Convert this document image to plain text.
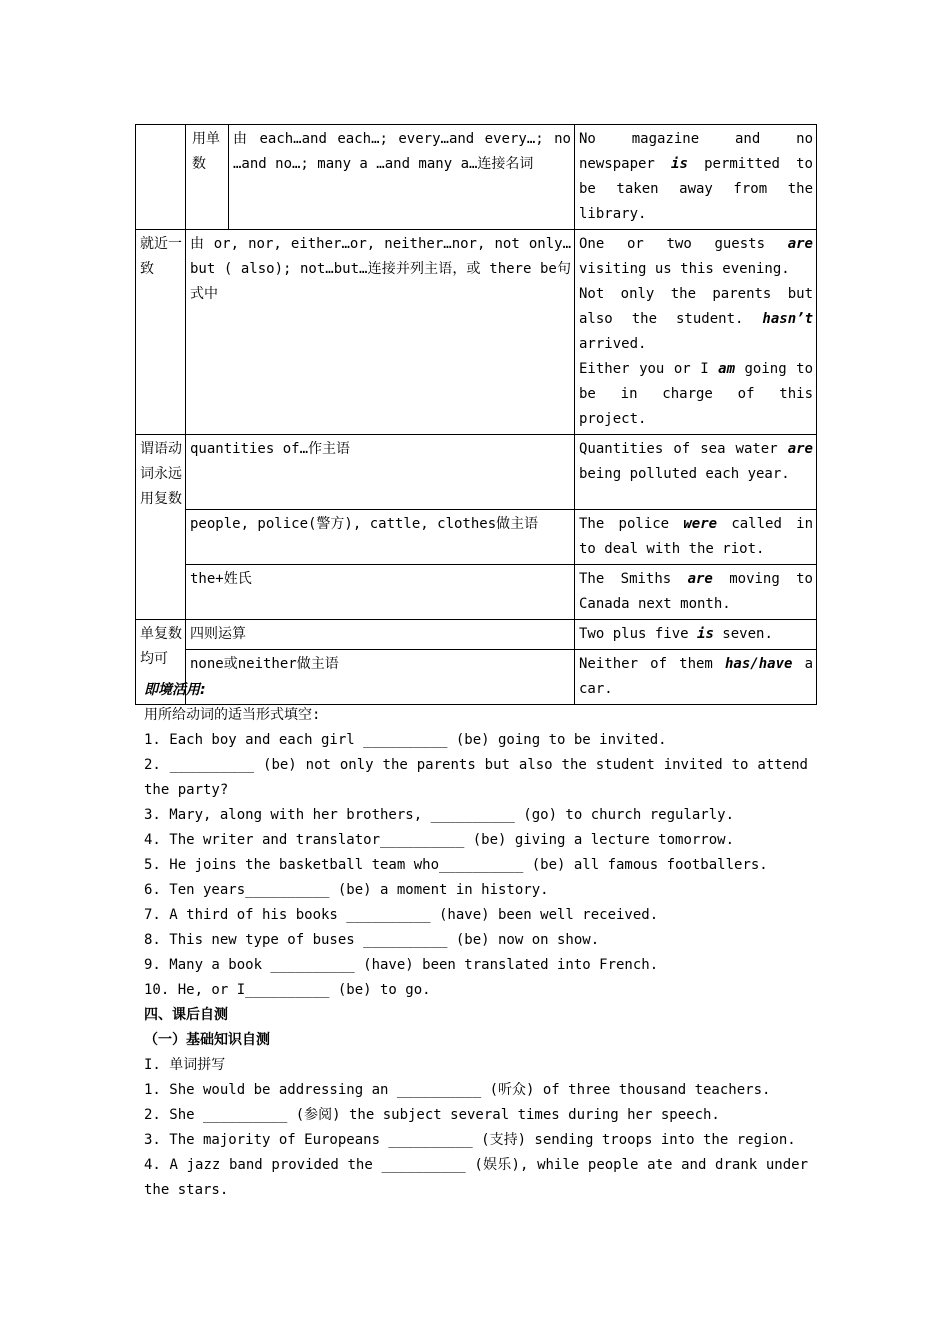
	用单数	由 each…and each…; every…and every…; no …and no…; many a …and many a…连接名词	No magazine and no newspaper is permitted to be taken away from the library.
就近一致	由 or, nor, either…or, neither…nor, not only…but ( also); not…but…连接并列主语，或 there be句式中		One or two guests are visiting us this evening.
Not only the parents but also the student. hasn’t arrived.
Either you or I am going to be in charge of this project.

谓语动词永远用复数	quantities of…作主语		Quantities of sea water are being polluted each year.
	people, police(警方), cattle, clothes做主语		The police were called in to deal with the riot.
	the+姓氏		The Smiths are moving to Canada next month.
单复数均可	四则运算		Two plus five is seven.
	none或neither做主语		Neither of them has/have a car.
即境活用:
用所给动词的适当形式填空:
1. Each boy and each girl __________ (be) going to be invited.
2. __________ (be) not only the parents but also the student invited to attend the party?
3. Mary, along with her brothers, __________ (go) to church regularly.
4. The writer and translator__________ (be) giving a lecture tomorrow.
5. He joins the basketball team who__________ (be) all famous footballers.
6. Ten years__________ (be) a moment in history.
7. A third of his books __________ (have) been well received.
8. This new type of buses __________ (be) now on show.
9. Many a book __________ (have) been translated into French.
10. He, or I__________ (be) to go.
四、课后自测
（一）基础知识自测
I. 单词拼写
1. She would be addressing an __________ (听众) of three thousand teachers.
2. She __________ (参阅) the subject several times during her speech.
3. The majority of Europeans __________ (支持) sending troops into the region.
4. A jazz band provided the __________ (娱乐), while people ate and drank under the stars.
